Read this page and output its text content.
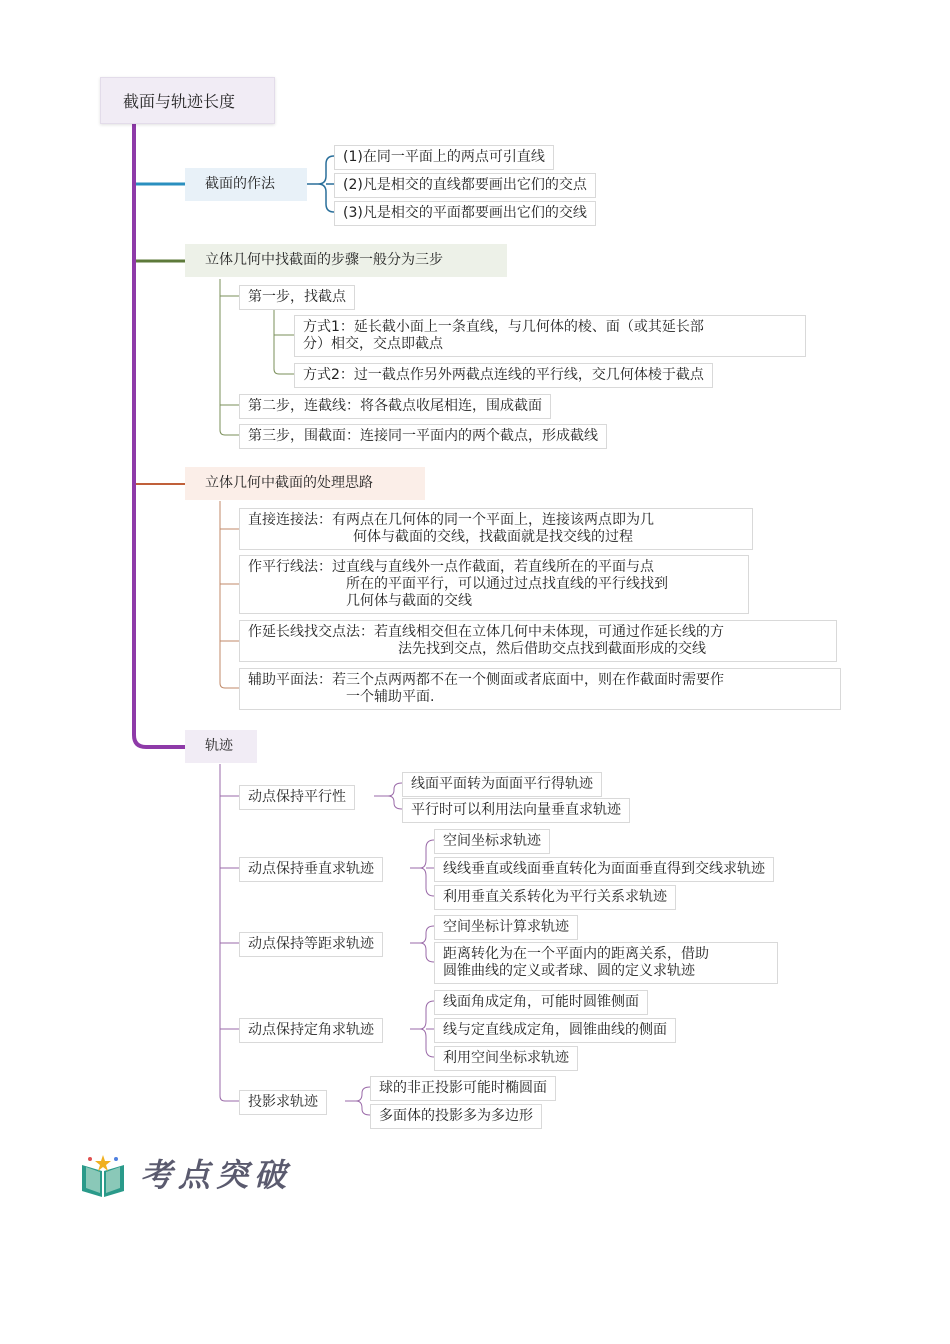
截面与轨迹长度
截面的作法
(1)在同一平面上的两点可引直线
(2)凡是相交的直线都要画出它们的交点
(3)凡是相交的平面都要画出它们的交线
立体几何中找截面的步骤一般分为三步
第一步，找截点
方式1：延长截小面上一条直线，与几何体的棱、面（或其延长部
分）相交，交点即截点
方式2：过一截点作另外两截点连线的平行线，交几何体棱于截点
第二步，连截线：将各截点收尾相连，围成截面
第三步，围截面：连接同一平面内的两个截点，形成截线
立体几何中截面的处理思路
直接连接法：有两点在几何体的同一个平面上，连接该两点即为几
何体与截面的交线，找截面就是找交线的过程
作平行线法：过直线与直线外一点作截面，若直线所在的平面与点
所在的平面平行，可以通过过点找直线的平行线找到
几何体与截面的交线
作延长线找交点法：若直线相交但在立体几何中未体现，可通过作延长线的方
法先找到交点，然后借助交点找到截面形成的交线
辅助平面法：若三个点两两都不在一个侧面或者底面中，则在作截面时需要作
一个辅助平面.
轨迹
动点保持平行性
线面平面转为面面平行得轨迹
平行时可以利用法向量垂直求轨迹
动点保持垂直求轨迹
空间坐标求轨迹
线线垂直或线面垂直转化为面面垂直得到交线求轨迹
利用垂直关系转化为平行关系求轨迹
动点保持等距求轨迹
空间坐标计算求轨迹
距离转化为在一个平面内的距离关系，借助
圆锥曲线的定义或者球、圆的定义求轨迹
动点保持定角求轨迹
线面角成定角，可能时圆锥侧面
线与定直线成定角，圆锥曲线的侧面
利用空间坐标求轨迹
投影求轨迹
球的非正投影可能时椭圆面
多面体的投影多为多边形
考点突破
